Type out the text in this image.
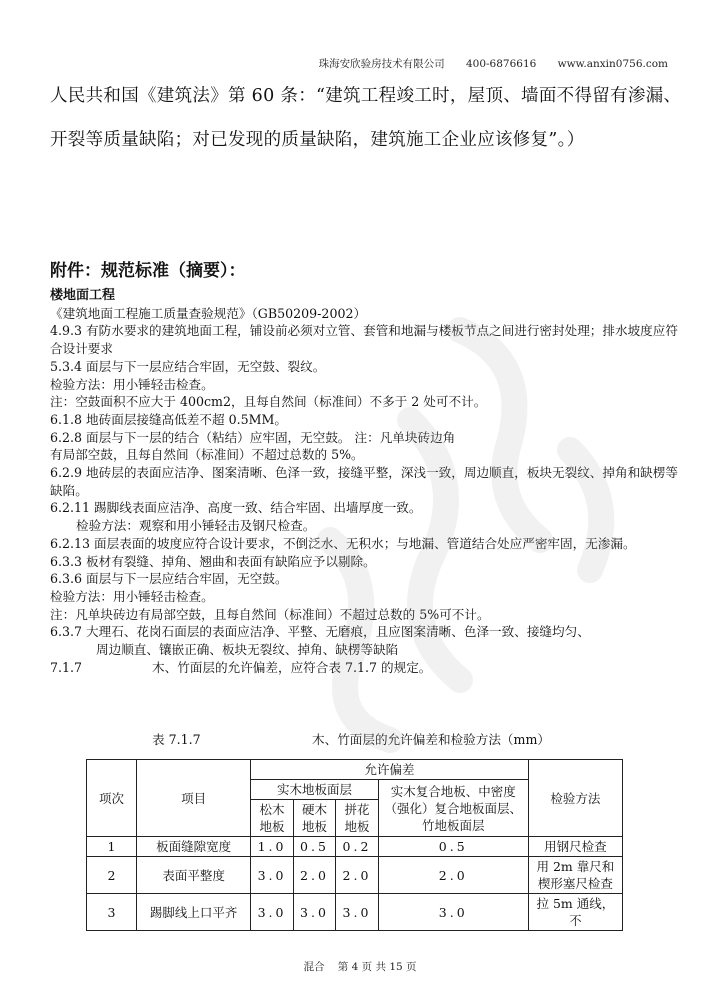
珠海安欣验房技术有限公司 400-6876616 www.anxin0756.com

人民共和国《建筑法》第 60 条：“建筑工程竣工时，屋顶、墙面不得留有渗漏、

开裂等质量缺陷；对已发现的质量缺陷，建筑施工企业应该修复”。）

附件：规范标准（摘要）：

楼地面工程

《建筑地面工程施工质量查验规范》（GB50209-2002）

4.9.3 有防水要求的建筑地面工程，铺设前必须对立管、套管和地漏与楼板节点之间进行密封处理；排水坡度应符合设计要求

5.3.4 面层与下一层应结合牢固，无空鼓、裂纹。

检验方法：用小锤轻击检查。

注：空鼓面积不应大于 400cm2，且每自然间（标准间）不多于 2 处可不计。

6.1.8 地砖面层接缝高低差不超 0.5MM。

6.2.8 面层与下一层的结合（粘结）应牢固，无空鼓。 注：凡单块砖边角

有局部空鼓，且每自然间（标准间）不超过总数的 5%。

6.2.9 地砖层的表面应洁净、图案清晰、色泽一致，接缝平整，深浅一致，周边顺直，板块无裂纹、掉角和缺楞等缺陷。

6.2.11 踢脚线表面应洁净、高度一致、结合牢固、出墙厚度一致。

检验方法：观察和用小锤轻击及钢尺检查。

6.2.13 面层表面的坡度应符合设计要求，不倒泛水、无积水；与地漏、管道结合处应严密牢固，无渗漏。

6.3.3 板材有裂缝、掉角、翘曲和表面有缺陷应予以剔除。

6.3.6 面层与下一层应结合牢固，无空鼓。

检验方法：用小锤轻击检查。

注：凡单块砖边有局部空鼓，且每自然间（标准间）不超过总数的 5%可不计。

6.3.7 大理石、花岗石面层的表面应洁净、平整、无磨痕，且应图案清晰、色泽一致、接缝均匀、

周边顺直、镶嵌正确、板块无裂纹、掉角、缺楞等缺陷

7.1.7	木、竹面层的允许偏差，应符合表 7.1.7 的规定。

表 7.1.7	木、竹面层的允许偏差和检验方法（mm）
项次	项目	允许偏差				检验方法
		实木地板面层			实木复合地板、中密度（强化）复合地板面层、竹地板面层	
		松木地板	硬木地板	拼花地板		
1	板面缝隙宽度	1.0	0.5	0.2	0.5	用钢尺检查
2	表面平整度	3.0	2.0	2.0	2.0	用 2m 靠尺和楔形塞尺检查
3	踢脚线上口平齐	3.0	3.0	3.0	3.0	拉 5m 通线，不
混合 第 4 页 共 15 页
